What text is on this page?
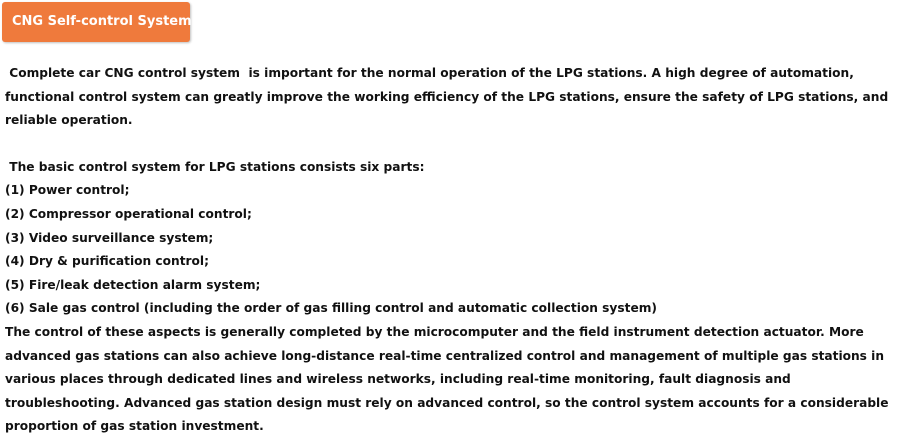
CNG Self-control System

Complete car CNG control system  is important for the normal operation of the LPG stations. A high degree of automation, functional control system can greatly improve the working efficiency of the LPG stations, ensure the safety of LPG stations, and reliable operation.

The basic control system for LPG stations consists six parts:

(1) Power control;
(2) Compressor operational control;
(3) Video surveillance system;
(4) Dry & purification control;
(5) Fire/leak detection alarm system;
(6) Sale gas control (including the order of gas filling control and automatic collection system)

The control of these aspects is generally completed by the microcomputer and the field instrument detection actuator. More advanced gas stations can also achieve long-distance real-time centralized control and management of multiple gas stations in various places through dedicated lines and wireless networks, including real-time monitoring, fault diagnosis and troubleshooting. Advanced gas station design must rely on advanced control, so the control system accounts for a considerable proportion of gas station investment.
